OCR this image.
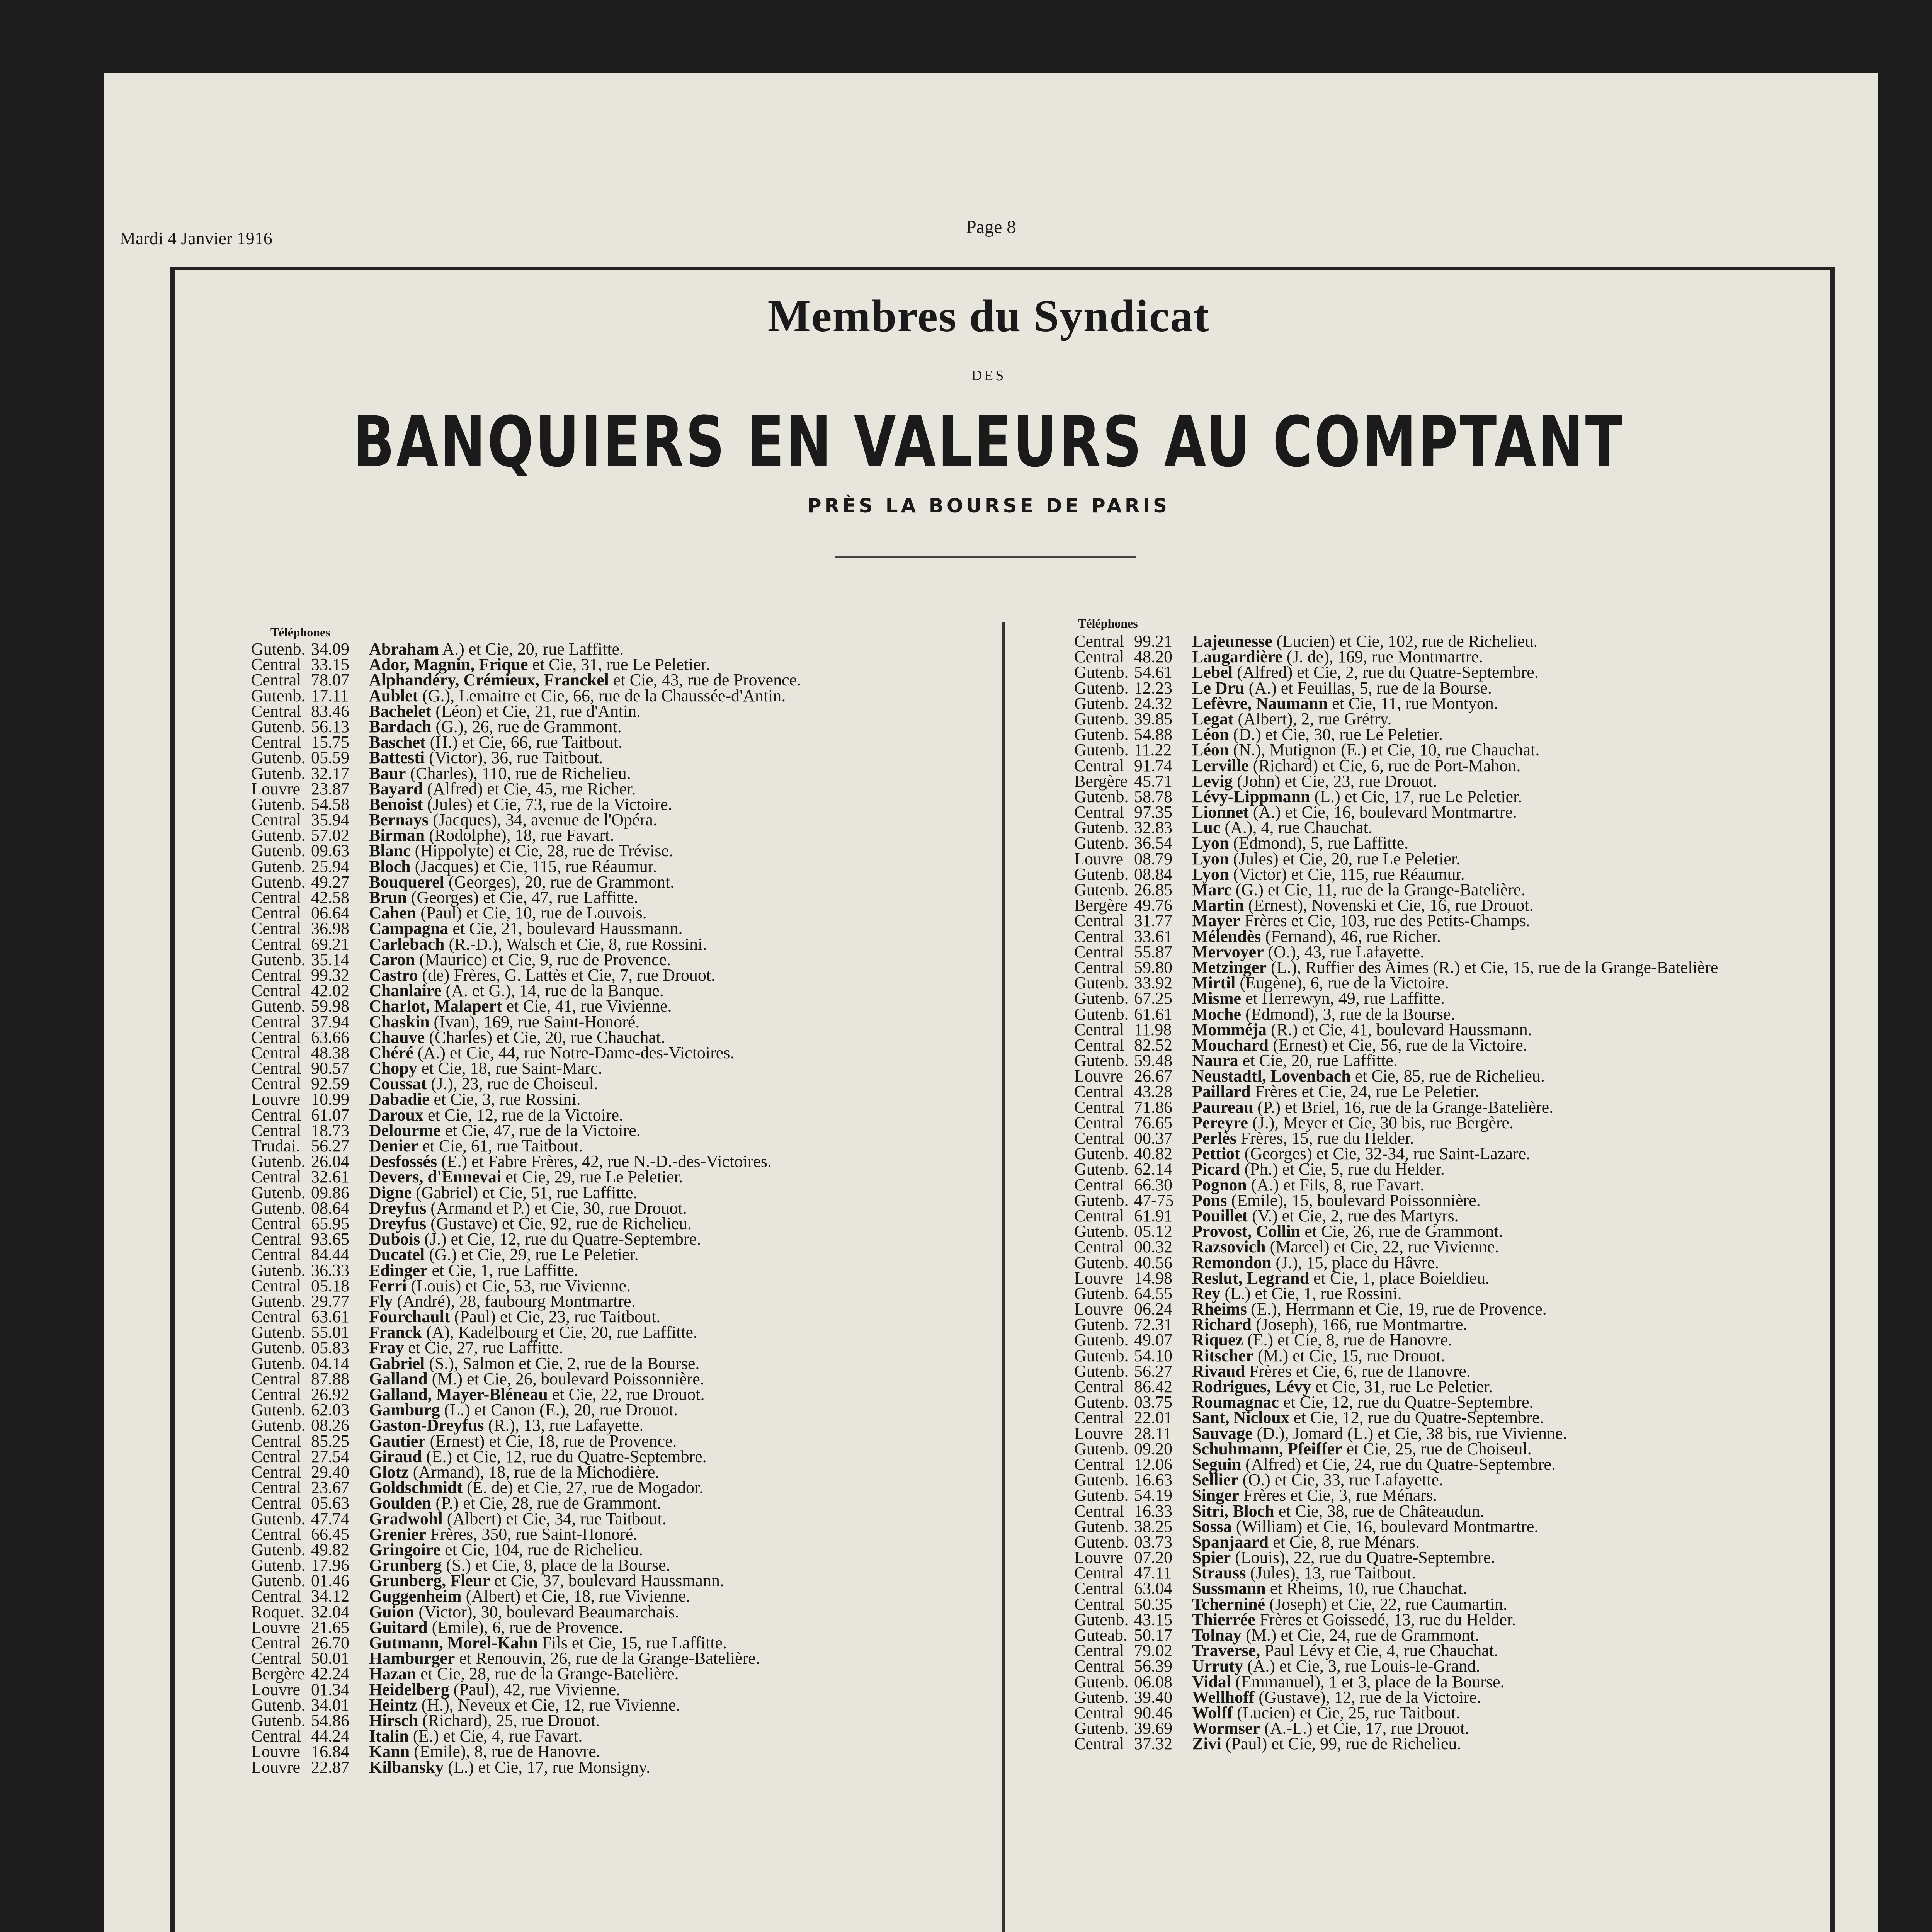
Mardi 4 Janvier 1916
Page 8
Membres du Syndicat
DES
BANQUIERS EN VALEURS AU COMPTANT
PRÈS LA BOURSE DE PARIS
Téléphones
Téléphones
Gutenb. 34.09 Abraham A.) et Cie, 20, rue Laffitte.
Central 33.15 Ador, Magnin, Frique et Cie, 31, rue Le Peletier.
Central 78.07 Alphandéry, Crémieux, Franckel et Cie, 43, rue de Provence.
Gutenb. 17.11 Aublet (G.), Lemaitre et Cie, 66, rue de la Chaussée-d'Antin.
Central 83.46 Bachelet (Léon) et Cie, 21, rue d'Antin.
Gutenb. 56.13 Bardach (G.), 26, rue de Grammont.
Central 15.75 Baschet (H.) et Cie, 66, rue Taitbout.
Gutenb. 05.59 Battesti (Victor), 36, rue Taitbout.
Gutenb. 32.17 Baur (Charles), 110, rue de Richelieu.
Louvre 23.87 Bayard (Alfred) et Cie, 45, rue Richer.
Gutenb. 54.58 Benoist (Jules) et Cie, 73, rue de la Victoire.
Central 35.94 Bernays (Jacques), 34, avenue de l'Opéra.
Gutenb. 57.02 Birman (Rodolphe), 18, rue Favart.
Gutenb. 09.63 Blanc (Hippolyte) et Cie, 28, rue de Trévise.
Gutenb. 25.94 Bloch (Jacques) et Cie, 115, rue Réaumur.
Gutenb. 49.27 Bouquerel (Georges), 20, rue de Grammont.
Central 42.58 Brun (Georges) et Cie, 47, rue Laffitte.
Central 06.64 Cahen (Paul) et Cie, 10, rue de Louvois.
Central 36.98 Campagna et Cie, 21, boulevard Haussmann.
Central 69.21 Carlebach (R.-D.), Walsch et Cie, 8, rue Rossini.
Gutenb. 35.14 Caron (Maurice) et Cie, 9, rue de Provence.
Central 99.32 Castro (de) Frères, G. Lattès et Cie, 7, rue Drouot.
Central 42.02 Chanlaire (A. et G.), 14, rue de la Banque.
Gutenb. 59.98 Charlot, Malapert et Cie, 41, rue Vivienne.
Central 37.94 Chaskin (Ivan), 169, rue Saint-Honoré.
Central 63.66 Chauve (Charles) et Cie, 20, rue Chauchat.
Central 48.38 Chéré (A.) et Cie, 44, rue Notre-Dame-des-Victoires.
Central 90.57 Chopy et Cie, 18, rue Saint-Marc.
Central 92.59 Coussat (J.), 23, rue de Choiseul.
Louvre 10.99 Dabadie et Cie, 3, rue Rossini.
Central 61.07 Daroux et Cie, 12, rue de la Victoire.
Central 18.73 Delourme et Cie, 47, rue de la Victoire.
Trudai. 56.27 Denier et Cie, 61, rue Taitbout.
Gutenb. 26.04 Desfossés (E.) et Fabre Frères, 42, rue N.-D.-des-Victoires.
Central 32.61 Devers, d'Ennevai et Cie, 29, rue Le Peletier.
Gutenb. 09.86 Digne (Gabriel) et Cie, 51, rue Laffitte.
Gutenb. 08.64 Dreyfus (Armand et P.) et Cie, 30, rue Drouot.
Central 65.95 Dreyfus (Gustave) et Cie, 92, rue de Richelieu.
Central 93.65 Dubois (J.) et Cie, 12, rue du Quatre-Septembre.
Central 84.44 Ducatel (G.) et Cie, 29, rue Le Peletier.
Gutenb. 36.33 Edinger et Cie, 1, rue Laffitte.
Central 05.18 Ferri (Louis) et Cie, 53, rue Vivienne.
Gutenb. 29.77 Fly (André), 28, faubourg Montmartre.
Central 63.61 Fourchault (Paul) et Cie, 23, rue Taitbout.
Gutenb. 55.01 Franck (A), Kadelbourg et Cie, 20, rue Laffitte.
Gutenb. 05.83 Fray et Cie, 27, rue Laffitte.
Gutenb. 04.14 Gabriel (S.), Salmon et Cie, 2, rue de la Bourse.
Central 87.88 Galland (M.) et Cie, 26, boulevard Poissonnière.
Central 26.92 Galland, Mayer-Bléneau et Cie, 22, rue Drouot.
Gutenb. 62.03 Gamburg (L.) et Canon (E.), 20, rue Drouot.
Gutenb. 08.26 Gaston-Dreyfus (R.), 13, rue Lafayette.
Central 85.25 Gautier (Ernest) et Cie, 18, rue de Provence.
Central 27.54 Giraud (E.) et Cie, 12, rue du Quatre-Septembre.
Central 29.40 Glotz (Armand), 18, rue de la Michodière.
Central 23.67 Goldschmidt (E. de) et Cie, 27, rue de Mogador.
Central 05.63 Goulden (P.) et Cie, 28, rue de Grammont.
Gutenb. 47.74 Gradwohl (Albert) et Cie, 34, rue Taitbout.
Central 66.45 Grenier Frères, 350, rue Saint-Honoré.
Gutenb. 49.82 Gringoire et Cie, 104, rue de Richelieu.
Gutenb. 17.96 Grunberg (S.) et Cie, 8, place de la Bourse.
Gutenb. 01.46 Grunberg, Fleur et Cie, 37, boulevard Haussmann.
Central 34.12 Guggenheim (Albert) et Cie, 18, rue Vivienne.
Roquet. 32.04 Guion (Victor), 30, boulevard Beaumarchais.
Louvre 21.65 Guitard (Emile), 6, rue de Provence.
Central 26.70 Gutmann, Morel-Kahn Fils et Cie, 15, rue Laffitte.
Central 50.01 Hamburger et Renouvin, 26, rue de la Grange-Batelière.
Bergère 42.24 Hazan et Cie, 28, rue de la Grange-Batelière.
Louvre 01.34 Heidelberg (Paul), 42, rue Vivienne.
Gutenb. 34.01 Heintz (H.), Neveux et Cie, 12, rue Vivienne.
Gutenb. 54.86 Hirsch (Richard), 25, rue Drouot.
Central 44.24 Italin (E.) et Cie, 4, rue Favart.
Louvre 16.84 Kann (Emile), 8, rue de Hanovre.
Louvre 22.87 Kilbansky (L.) et Cie, 17, rue Monsigny.
Central 99.21 Lajeunesse (Lucien) et Cie, 102, rue de Richelieu.
Central 48.20 Laugardière (J. de), 169, rue Montmartre.
Gutenb. 54.61 Lebel (Alfred) et Cie, 2, rue du Quatre-Septembre.
Gutenb. 12.23 Le Dru (A.) et Feuillas, 5, rue de la Bourse.
Gutenb. 24.32 Lefèvre, Naumann et Cie, 11, rue Montyon.
Gutenb. 39.85 Legat (Albert), 2, rue Grétry.
Gutenb. 54.88 Léon (D.) et Cie, 30, rue Le Peletier.
Gutenb. 11.22 Léon (N.), Mutignon (E.) et Cie, 10, rue Chauchat.
Central 91.74 Lerville (Richard) et Cie, 6, rue de Port-Mahon.
Bergère 45.71 Levig (John) et Cie, 23, rue Drouot.
Gutenb. 58.78 Lévy-Lippmann (L.) et Cie, 17, rue Le Peletier.
Central 97.35 Lionnet (A.) et Cie, 16, boulevard Montmartre.
Gutenb. 32.83 Luc (A.), 4, rue Chauchat.
Gutenb. 36.54 Lyon (Edmond), 5, rue Laffitte.
Louvre 08.79 Lyon (Jules) et Cie, 20, rue Le Peletier.
Gutenb. 08.84 Lyon (Victor) et Cie, 115, rue Réaumur.
Gutenb. 26.85 Marc (G.) et Cie, 11, rue de la Grange-Batelière.
Bergère 49.76 Martin (Ernest), Novenski et Cie, 16, rue Drouot.
Central 31.77 Mayer Frères et Cie, 103, rue des Petits-Champs.
Central 33.61 Mélendès (Fernand), 46, rue Richer.
Central 55.87 Mervoyer (O.), 43, rue Lafayette.
Central 59.80 Metzinger (L.), Ruffier des Aimes (R.) et Cie, 15, rue de la Grange-Batelière
Gutenb. 33.92 Mirtil (Eugène), 6, rue de la Victoire.
Gutenb. 67.25 Misme et Herrewyn, 49, rue Laffitte.
Gutenb. 61.61 Moche (Edmond), 3, rue de la Bourse.
Central 11.98 Momméja (R.) et Cie, 41, boulevard Haussmann.
Central 82.52 Mouchard (Ernest) et Cie, 56, rue de la Victoire.
Gutenb. 59.48 Naura et Cie, 20, rue Laffitte.
Louvre 26.67 Neustadtl, Lovenbach et Cie, 85, rue de Richelieu.
Central 43.28 Paillard Frères et Cie, 24, rue Le Peletier.
Central 71.86 Paureau (P.) et Briel, 16, rue de la Grange-Batelière.
Central 76.65 Pereyre (J.), Meyer et Cie, 30 bis, rue Bergère.
Central 00.37 Perlès Frères, 15, rue du Helder.
Gutenb. 40.82 Pettiot (Georges) et Cie, 32-34, rue Saint-Lazare.
Gutenb. 62.14 Picard (Ph.) et Cie, 5, rue du Helder.
Central 66.30 Pognon (A.) et Fils, 8, rue Favart.
Gutenb. 47-75 Pons (Emile), 15, boulevard Poissonnière.
Central 61.91 Pouillet (V.) et Cie, 2, rue des Martyrs.
Gutenb. 05.12 Provost, Collin et Cie, 26, rue de Grammont.
Central 00.32 Razsovich (Marcel) et Cie, 22, rue Vivienne.
Gutenb. 40.56 Remondon (J.), 15, place du Hâvre.
Louvre 14.98 Reslut, Legrand et Cie, 1, place Boieldieu.
Gutenb. 64.55 Rey (L.) et Cie, 1, rue Rossini.
Louvre 06.24 Rheims (E.), Herrmann et Cie, 19, rue de Provence.
Gutenb. 72.31 Richard (Joseph), 166, rue Montmartre.
Gutenb. 49.07 Riquez (E.) et Cie, 8, rue de Hanovre.
Gutenb. 54.10 Ritscher (M.) et Cie, 15, rue Drouot.
Gutenb. 56.27 Rivaud Frères et Cie, 6, rue de Hanovre.
Central 86.42 Rodrigues, Lévy et Cie, 31, rue Le Peletier.
Gutenb. 03.75 Roumagnac et Cie, 12, rue du Quatre-Septembre.
Central 22.01 Sant, Nicloux et Cie, 12, rue du Quatre-Septembre.
Louvre 28.11 Sauvage (D.), Jomard (L.) et Cie, 38 bis, rue Vivienne.
Gutenb. 09.20 Schuhmann, Pfeiffer et Cie, 25, rue de Choiseul.
Central 12.06 Seguin (Alfred) et Cie, 24, rue du Quatre-Septembre.
Gutenb. 16.63 Sellier (O.) et Cie, 33, rue Lafayette.
Gutenb. 54.19 Singer Frères et Cie, 3, rue Ménars.
Central 16.33 Sitri, Bloch et Cie, 38, rue de Châteaudun.
Gutenb. 38.25 Sossa (William) et Cie, 16, boulevard Montmartre.
Gutenb. 03.73 Spanjaard et Cie, 8, rue Ménars.
Louvre 07.20 Spier (Louis), 22, rue du Quatre-Septembre.
Central 47.11 Strauss (Jules), 13, rue Taitbout.
Central 63.04 Sussmann et Rheims, 10, rue Chauchat.
Central 50.35 Tcherniné (Joseph) et Cie, 22, rue Caumartin.
Gutenb. 43.15 Thierrée Frères et Goissedé, 13, rue du Helder.
Guteab. 50.17 Tolnay (M.) et Cie, 24, rue de Grammont.
Central 79.02 Traverse, Paul Lévy et Cie, 4, rue Chauchat.
Central 56.39 Urruty (A.) et Cie, 3, rue Louis-le-Grand.
Gutenb. 06.08 Vidal (Emmanuel), 1 et 3, place de la Bourse.
Gutenb. 39.40 Wellhoff (Gustave), 12, rue de la Victoire.
Central 90.46 Wolff (Lucien) et Cie, 25, rue Taitbout.
Gutenb. 39.69 Wormser (A.-L.) et Cie, 17, rue Drouot.
Central 37.32 Zivi (Paul) et Cie, 99, rue de Richelieu.
